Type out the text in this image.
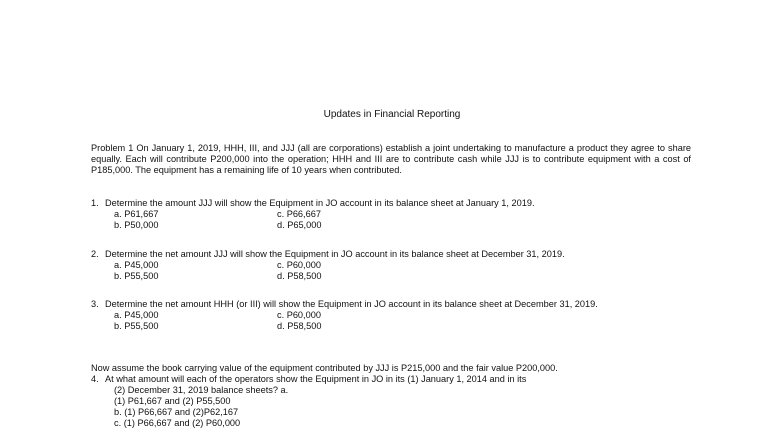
Updates in Financial Reporting
Problem 1 On January 1, 2019, HHH, III, and JJJ (all are corporations) establish a joint undertaking to manufacture a product they agree to share equally. Each will contribute P200,000 into the operation; HHH and III are to contribute cash while JJJ is to contribute equipment with a cost of P185,000. The equipment has a remaining life of 10 years when contributed.
1. Determine the amount JJJ will show the Equipment in JO account in its balance sheet at January 1, 2019.
a. P61,667
b. P50,000
c. P66,667
d. P65,000
2. Determine the net amount JJJ will show the Equipment in JO account in its balance sheet at December 31, 2019.
a. P45,000
b. P55,500
c. P60,000
d. P58,500
3. Determine the net amount HHH (or III) will show the Equipment in JO account in its balance sheet at December 31, 2019.
a. P45,000
b. P55,500
c. P60,000
d. P58,500
Now assume the book carrying value of the equipment contributed by JJJ is P215,000 and the fair value P200,000.
4. At what amount will each of the operators show the Equipment in JO in its (1) January 1, 2014 and in its
(2) December 31, 2019 balance sheets? a.
(1) P61,667 and (2) P55,500
b. (1) P66,667 and (2)P62,167
c. (1) P66,667 and (2) P60,000
